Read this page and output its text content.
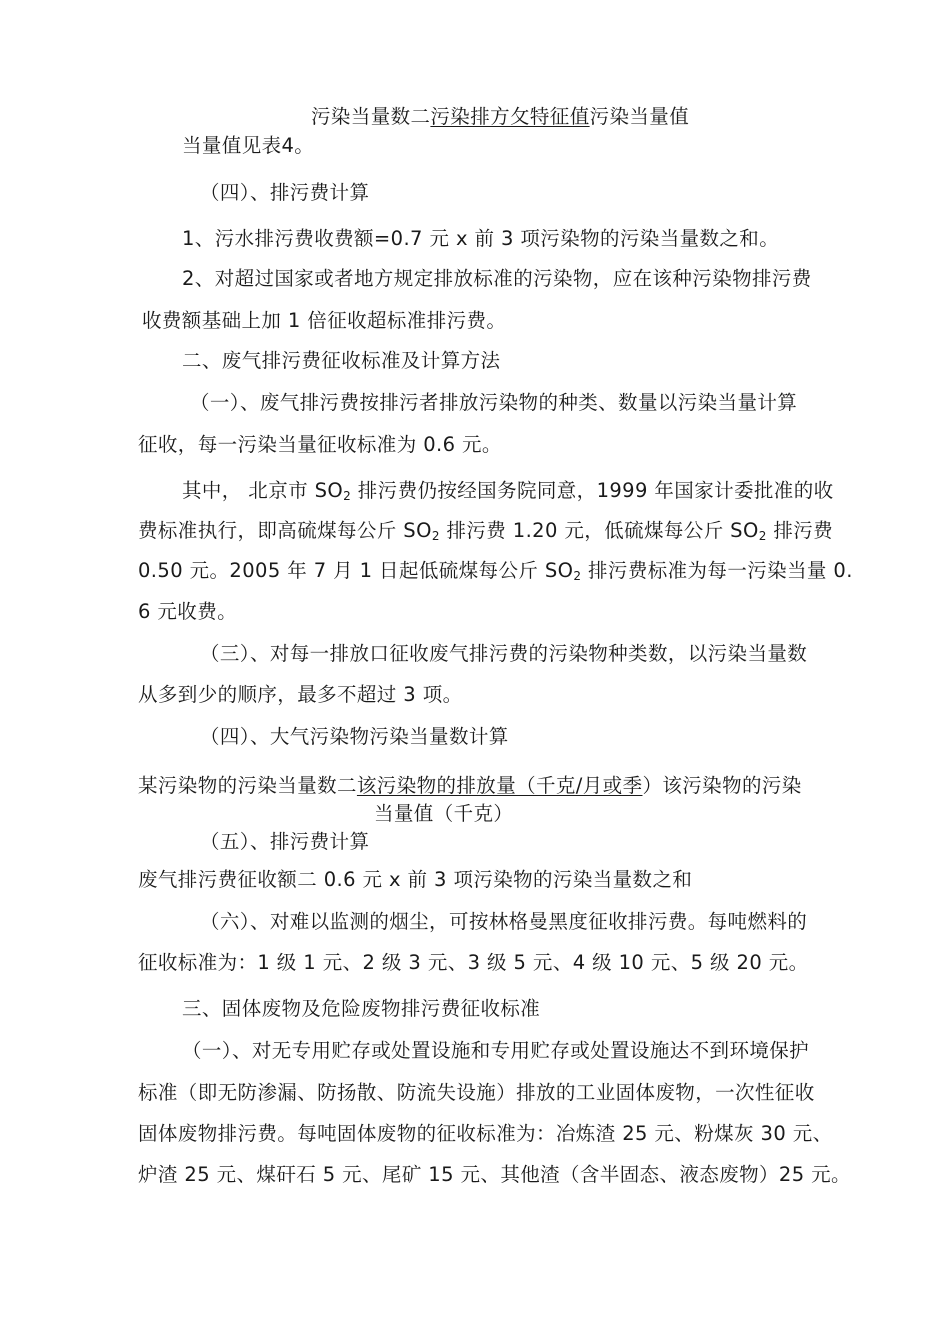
污染当量数二污染排方攵特征值污染当量值
当量值见表4。
（四）、排污费计算
1、污水排污费收费额=0.7 元 x 前 3 项污染物的污染当量数之和。
2、对超过国家或者地方规定排放标准的污染物，应在该种污染物排污费
收费额基础上加 1 倍征收超标准排污费。
二、废气排污费征收标准及计算方法
（一）、废气排污费按排污者排放污染物的种类、数量以污染当量计算
征收，每一污染当量征收标准为 0.6 元。
其中， 北京市 $SO_2$ 排污费仍按经国务院同意，1999 年国家计委批准的收
费标准执行，即高硫煤每公斤 $SO_2$ 排污费 1.20 元，低硫煤每公斤 $SO_2$ 排污费
0.50 元。2005 年 7 月 1 日起低硫煤每公斤 $SO_2$ 排污费标准为每一污染当量 0.
6 元收费。
（三）、对每一排放口征收废气排污费的污染物种类数，以污染当量数
从多到少的顺序，最多不超过 3 项。
（四）、大气污染物污染当量数计算
某污染物的污染当量数二该污染物的排放量（千克/月或季）该污染物的污染
当量值（千克）
（五）、排污费计算
废气排污费征收额二 0.6 元 x 前 3 项污染物的污染当量数之和
（六）、对难以监测的烟尘，可按林格曼黑度征收排污费。每吨燃料的
征收标准为：1 级 1 元、2 级 3 元、3 级 5 元、4 级 10 元、5 级 20 元。
三、固体废物及危险废物排污费征收标准
（一）、对无专用贮存或处置设施和专用贮存或处置设施达不到环境保护
标准（即无防渗漏、防扬散、防流失设施）排放的工业固体废物，一次性征收
固体废物排污费。每吨固体废物的征收标准为：冶炼渣 25 元、粉煤灰 30 元、
炉渣 25 元、煤矸石 5 元、尾矿 15 元、其他渣（含半固态、液态废物）25 元。
